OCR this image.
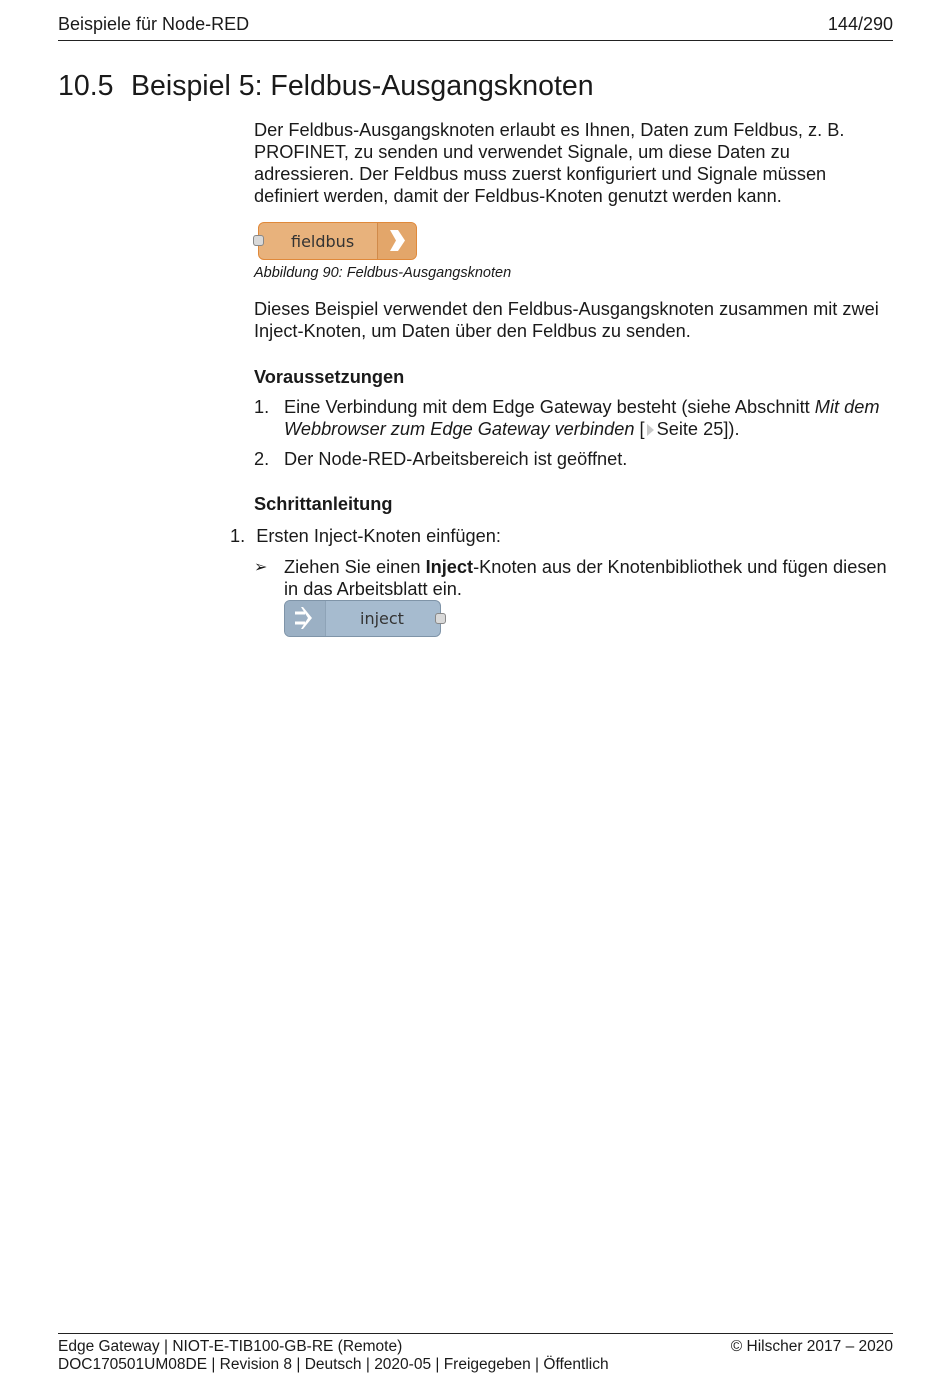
Beispiele für Node-RED	144/290
10.5 Beispiel 5: Feldbus-Ausgangsknoten

Der Feldbus-Ausgangsknoten erlaubt es Ihnen, Daten zum Feldbus, z. B. PROFINET, zu senden und verwendet Signale, um diese Daten zu adressieren. Der Feldbus muss zuerst konfiguriert und Signale müssen definiert werden, damit der Feldbus-Knoten genutzt werden kann.

fieldbus
Abbildung 90: Feldbus-Ausgangsknoten

Dieses Beispiel verwendet den Feldbus-Ausgangsknoten zusammen mit zwei Inject-Knoten, um Daten über den Feldbus zu senden.

Voraussetzungen
1. Eine Verbindung mit dem Edge Gateway besteht (siehe Abschnitt Mit dem Webbrowser zum Edge Gateway verbinden [ Seite 25]).
2. Der Node-RED-Arbeitsbereich ist geöffnet.
Schrittanleitung
1. Ersten Inject-Knoten einfügen:
➢ Ziehen Sie einen Inject-Knoten aus der Knotenbibliothek und fügen diesen in das Arbeitsblatt ein.
inject
Edge Gateway | NIOT-E-TIB100-GB-RE (Remote)
DOC170501UM08DE | Revision 8 | Deutsch | 2020-05 | Freigegeben | Öffentlich
© Hilscher 2017 – 2020
